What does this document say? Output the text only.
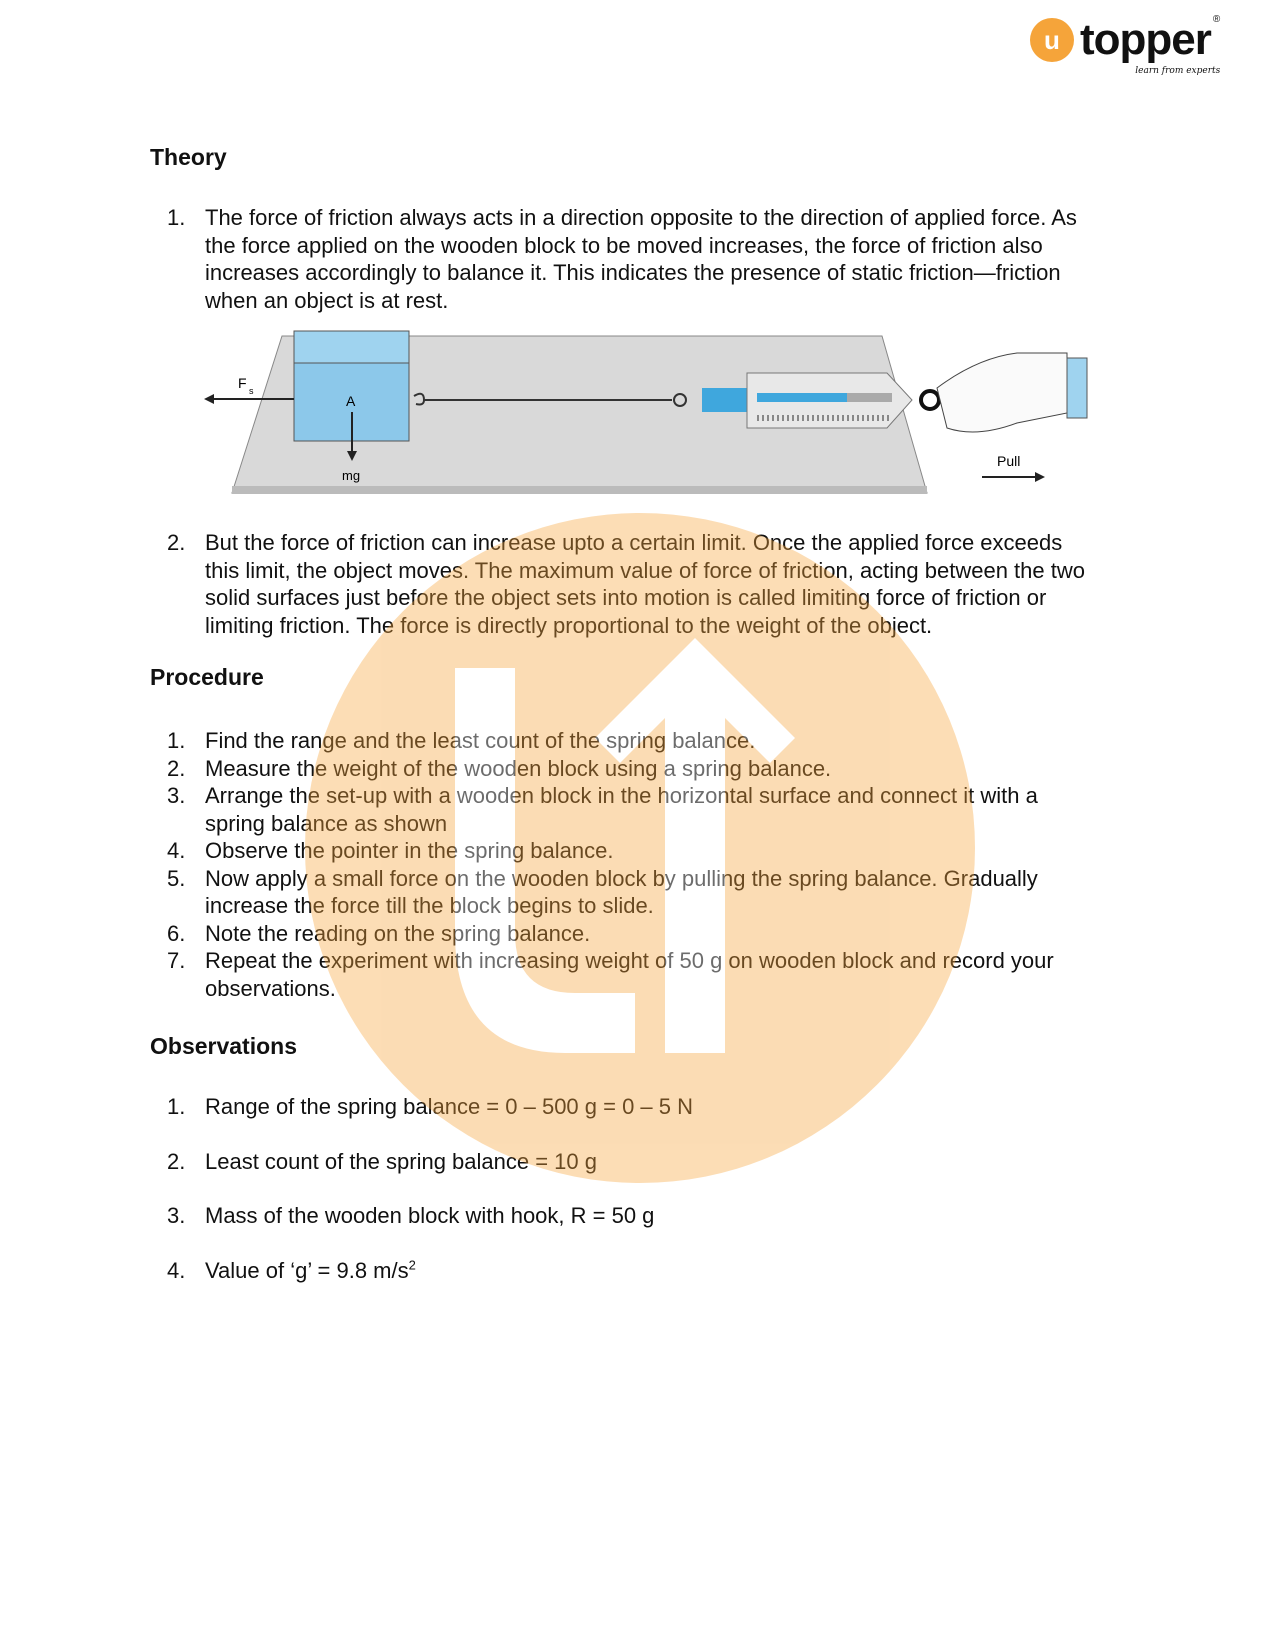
u topper ®
learn from experts
Theory
1. The force of friction always acts in a direction opposite to the direction of applied force. As the force applied on the wooden block to be moved increases, the force of friction also increases accordingly to balance it. This indicates the presence of static friction—friction when an object is at rest.
F s
A
mg
Pull
2. But the force of friction can increase upto a certain limit. Once the applied force exceeds this limit, the object moves. The maximum value of force of friction, acting between the two solid surfaces just before the object sets into motion is called limiting force of friction or limiting friction. The force is directly proportional to the weight of the object.
Procedure
1. Find the range and the least count of the spring balance.
2. Measure the weight of the wooden block using a spring balance.
3. Arrange the set-up with a wooden block in the horizontal surface and connect it with a spring balance as shown
4. Observe the pointer in the spring balance.
5. Now apply a small force on the wooden block by pulling the spring balance. Gradually increase the force till the block begins to slide.
6. Note the reading on the spring balance.
7. Repeat the experiment with increasing weight of 50 g on wooden block and record your observations.
Observations
1. Range of the spring balance = 0 – 500 g = 0 – 5 N
2. Least count of the spring balance = 10 g
3. Mass of the wooden block with hook, R = 50 g
4. Value of ‘g’ = 9.8 $m/s^2$
